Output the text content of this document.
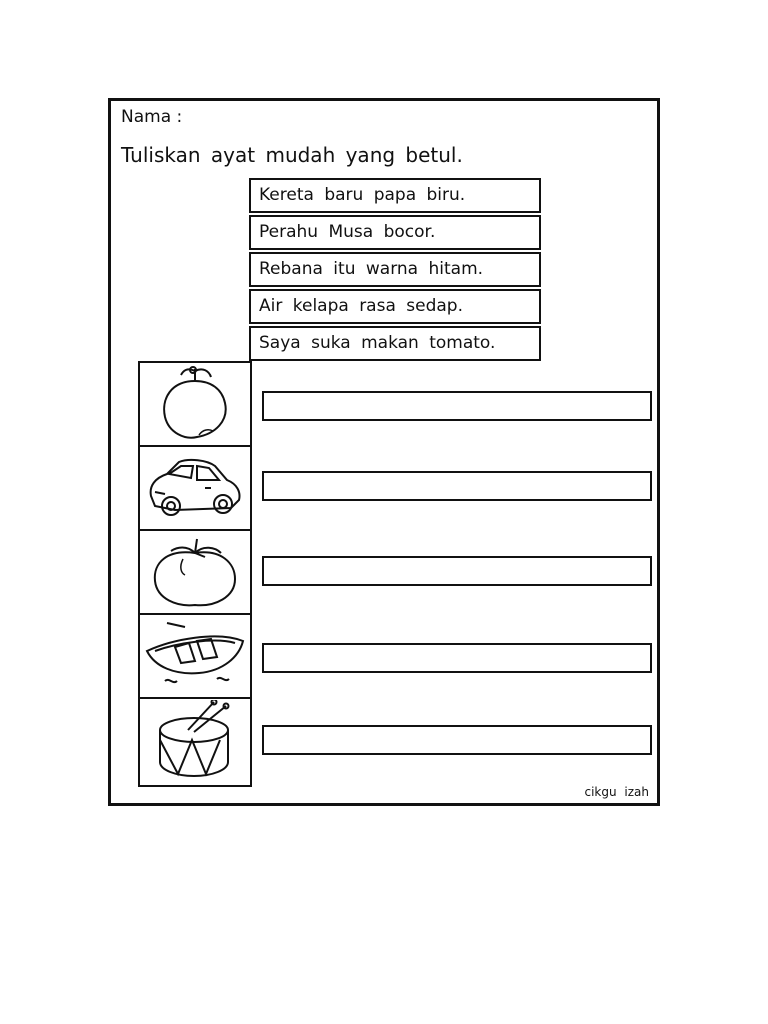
Nama :
Tuliskan ayat mudah yang betul.
Kereta baru papa biru.
Perahu Musa bocor.
Rebana itu warna hitam.
Air kelapa rasa sedap.
Saya suka makan tomato.
cikgu izah
